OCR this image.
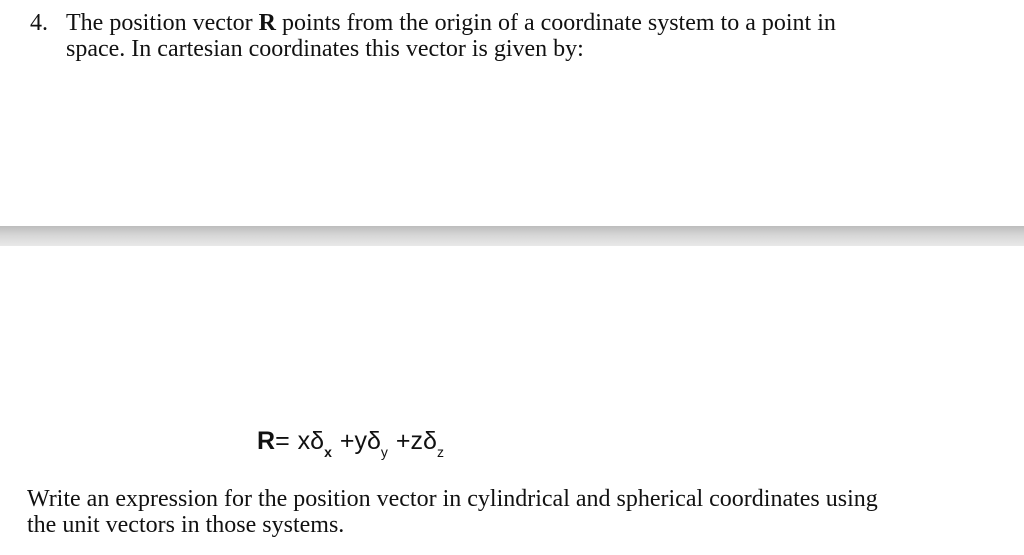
4. The position vector R points from the origin of a coordinate system to a point in
space. In cartesian coordinates this vector is given by:
$R= x\delta_x +y\delta_y +z\delta_z$
Write an expression for the position vector in cylindrical and spherical coordinates using
the unit vectors in those systems.
